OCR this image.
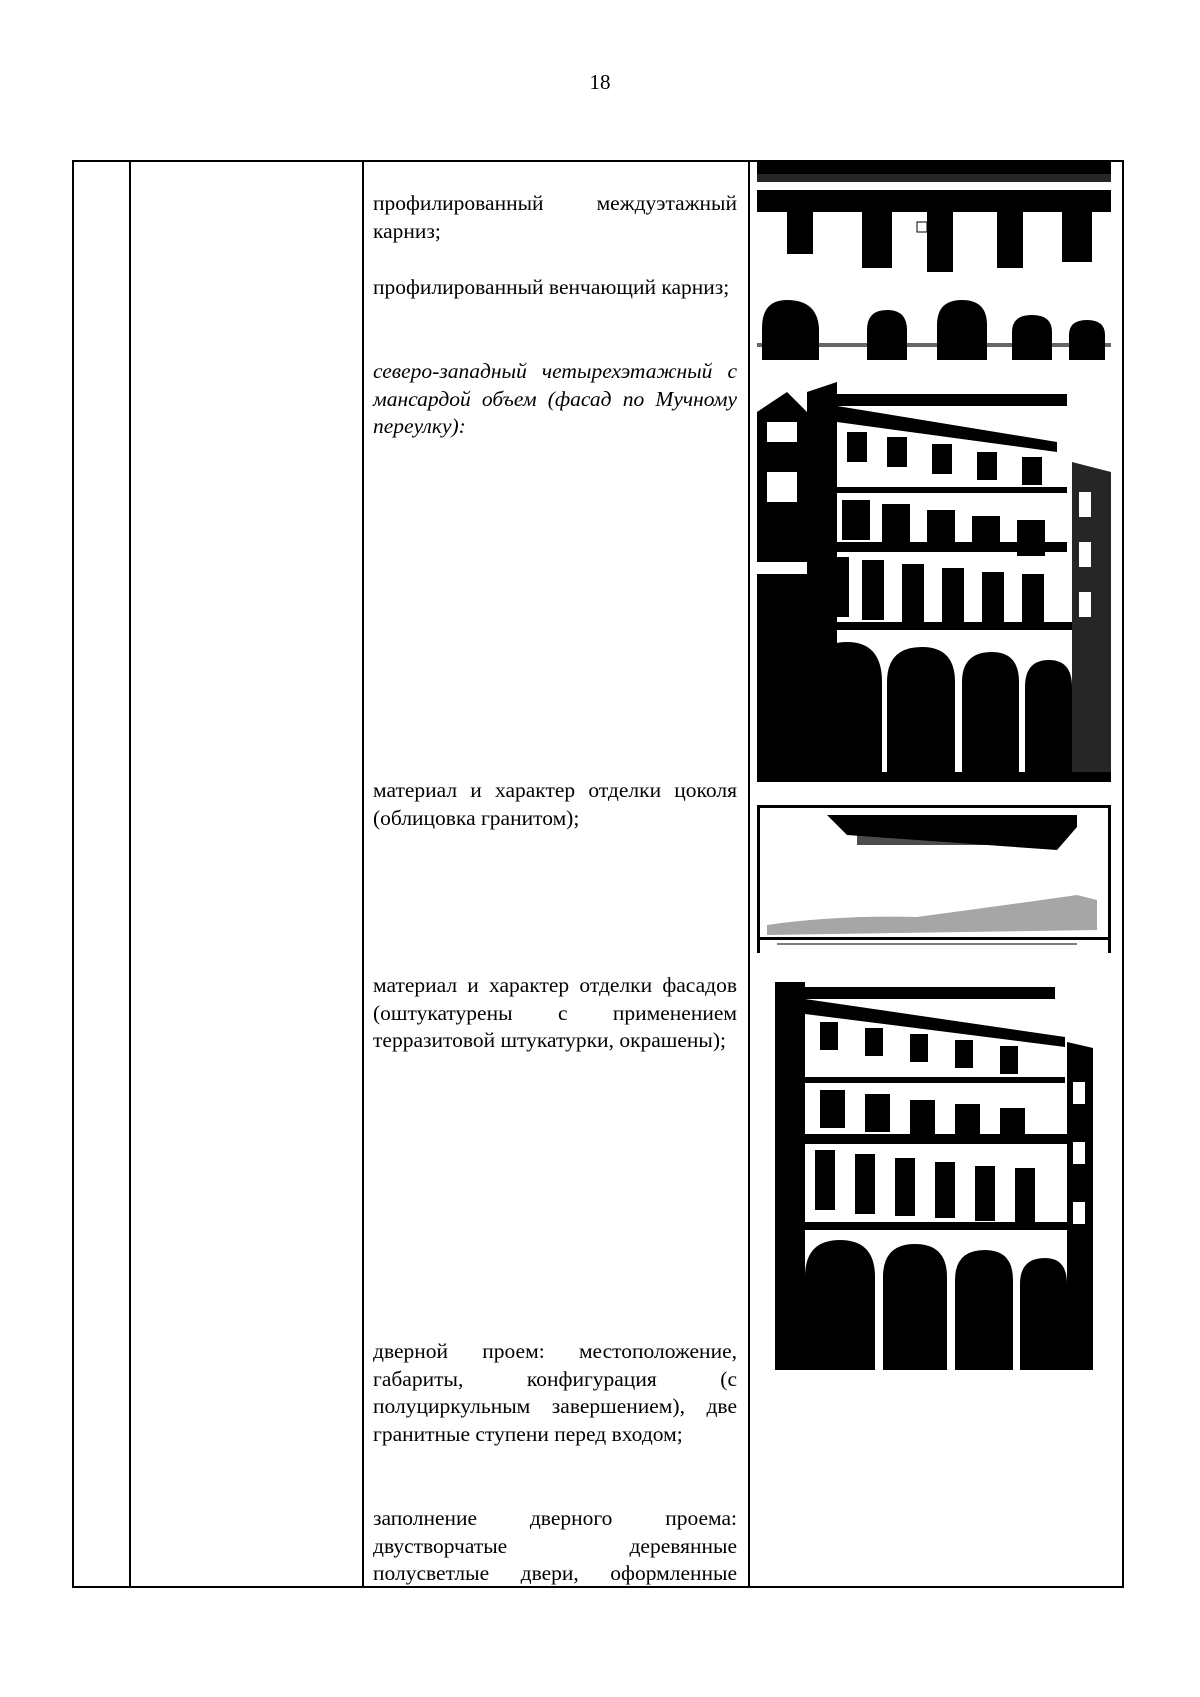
18

профилированный междуэтажный карниз;

профилированный венчающий карниз;

северо-западный четырехэтажный с мансардой объем (фасад по Мучному переулку):

материал и характер отделки цоколя (облицовка гранитом);

материал и характер отделки фасадов (оштукатурены с применением терразитовой штукатурки, окрашены);

дверной проем: местоположение, габариты, конфигурация (с полуциркульным завершением), две гранитные ступени перед входом;

заполнение дверного проема: двустворчатые деревянные полусветлые двери, оформленные
